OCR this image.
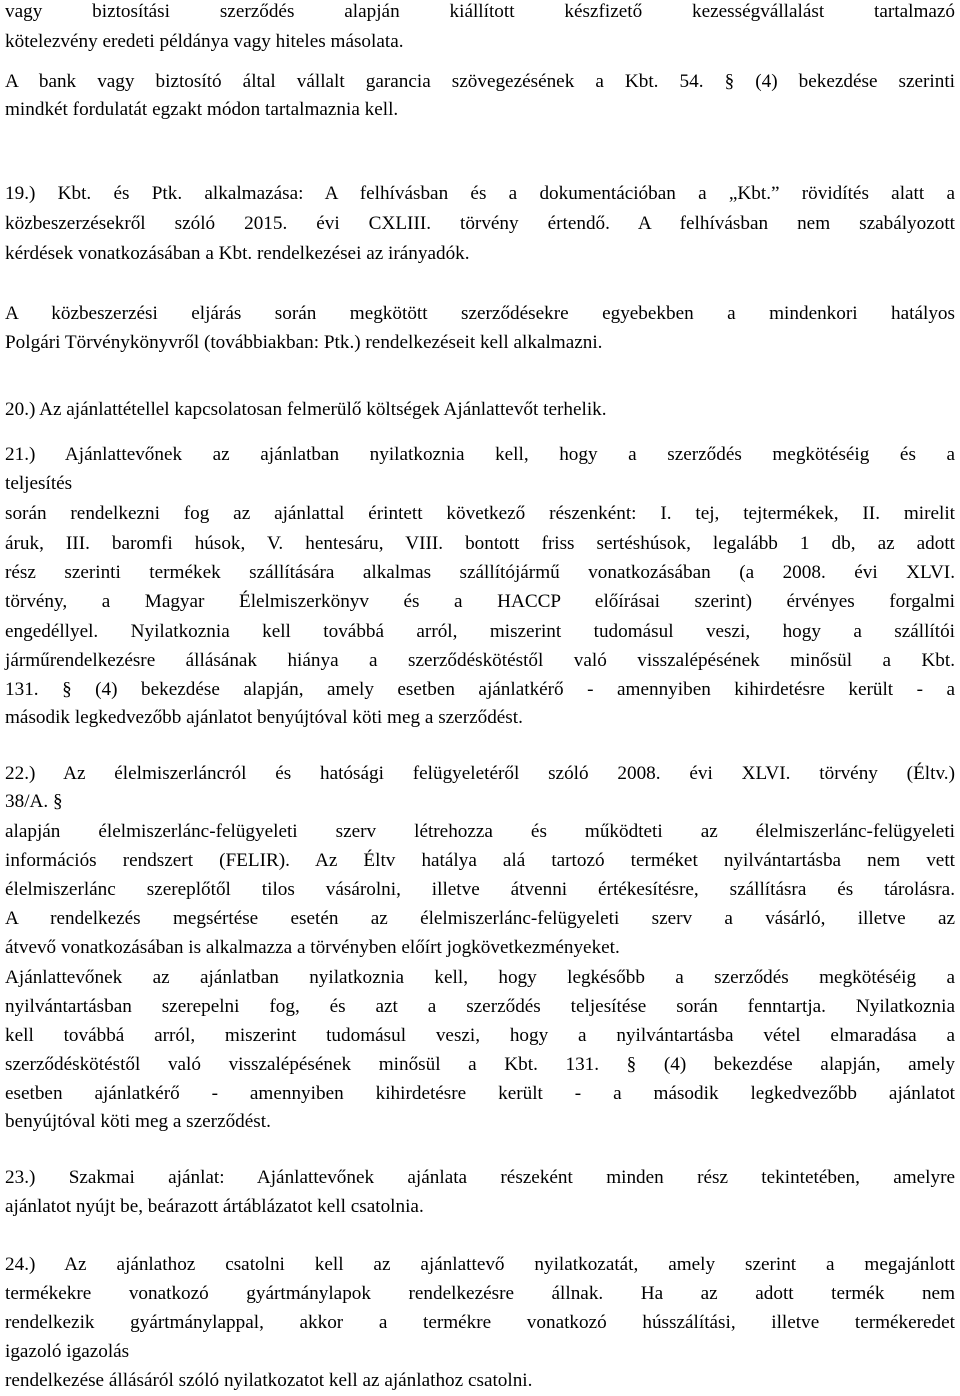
vagy biztosítási szerződés alapján kiállított készfizető kezességvállalást tartalmazó
kötelezvény eredeti példánya vagy hiteles másolata.
A bank vagy biztosító által vállalt garancia szövegezésének a Kbt. 54. § (4) bekezdése szerinti
mindkét fordulatát egzakt módon tartalmaznia kell.
19.) Kbt. és Ptk. alkalmazása: A felhívásban és a dokumentációban a „Kbt.” rövidítés alatt a
közbeszerzésekről szóló 2015. évi CXLIII. törvény értendő. A felhívásban nem szabályozott
kérdések vonatkozásában a Kbt. rendelkezései az irányadók.
A közbeszerzési eljárás során megkötött szerződésekre egyebekben a mindenkori hatályos
Polgári Törvénykönyvről (továbbiakban: Ptk.) rendelkezéseit kell alkalmazni.
20.) Az ajánlattétellel kapcsolatosan felmerülő költségek Ajánlattevőt terhelik.
21.) Ajánlattevőnek az ajánlatban nyilatkoznia kell, hogy a szerződés megkötéséig és a
teljesítés
során rendelkezni fog az ajánlattal érintett következő részenként: I. tej, tejtermékek, II. mirelit
áruk, III. baromfi húsok, V. hentesáru, VIII. bontott friss sertéshúsok, legalább 1 db, az adott
rész szerinti termékek szállítására alkalmas szállítójármű vonatkozásában (a 2008. évi XLVI.
törvény, a Magyar Élelmiszerkönyv és a HACCP előírásai szerint) érvényes forgalmi
engedéllyel. Nyilatkoznia kell továbbá arról, miszerint tudomásul veszi, hogy a szállítói
járműrendelkezésre állásának hiánya a szerződéskötéstől való visszalépésének minősül a Kbt.
131. § (4) bekezdése alapján, amely esetben ajánlatkérő - amennyiben kihirdetésre került - a
második legkedvezőbb ajánlatot benyújtóval köti meg a szerződést.
22.) Az élelmiszerláncról és hatósági felügyeletéről szóló 2008. évi XLVI. törvény (Éltv.)
38/A. §
alapján élelmiszerlánc-felügyeleti szerv létrehozza és működteti az élelmiszerlánc-felügyeleti
információs rendszert (FELIR). Az Éltv hatálya alá tartozó terméket nyilvántartásba nem vett
élelmiszerlánc szereplőtől tilos vásárolni, illetve átvenni értékesítésre, szállításra és tárolásra.
A rendelkezés megsértése esetén az élelmiszerlánc-felügyeleti szerv a vásárló, illetve az
átvevő vonatkozásában is alkalmazza a törvényben előírt jogkövetkezményeket.
Ajánlattevőnek az ajánlatban nyilatkoznia kell, hogy legkésőbb a szerződés megkötéséig a
nyilvántartásban szerepelni fog, és azt a szerződés teljesítése során fenntartja. Nyilatkoznia
kell továbbá arról, miszerint tudomásul veszi, hogy a nyilvántartásba vétel elmaradása a
szerződéskötéstől való visszalépésének minősül a Kbt. 131. § (4) bekezdése alapján, amely
esetben ajánlatkérő - amennyiben kihirdetésre került - a második legkedvezőbb ajánlatot
benyújtóval köti meg a szerződést.
23.) Szakmai ajánlat: Ajánlattevőnek ajánlata részeként minden rész tekintetében, amelyre
ajánlatot nyújt be, beárazott ártáblázatot kell csatolnia.
24.) Az ajánlathoz csatolni kell az ajánlattevő nyilatkozatát, amely szerint a megajánlott
termékekre vonatkozó gyártmánylapok rendelkezésre állnak. Ha az adott termék nem
rendelkezik gyártmánylappal, akkor a termékre vonatkozó hússzálítási, illetve termékeredet
igazoló igazolás
rendelkezése állásáról szóló nyilatkozatot kell az ajánlathoz csatolni.
